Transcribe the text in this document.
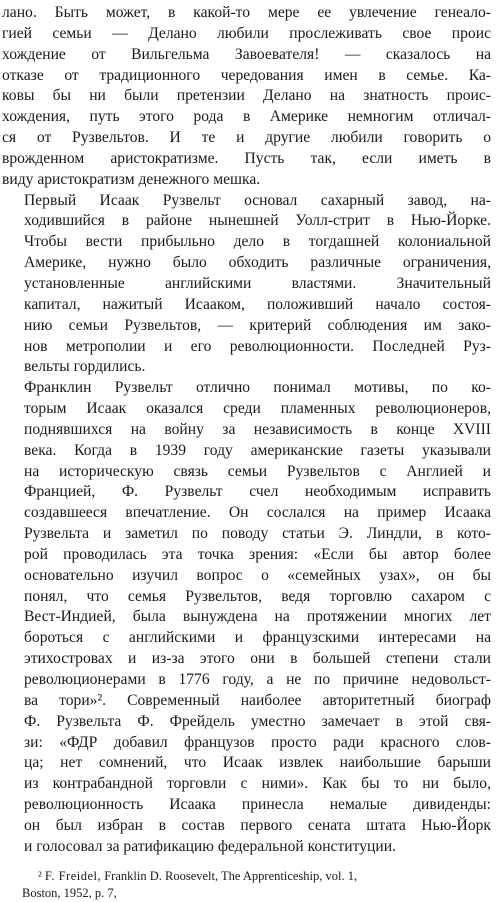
лано. Быть может, в какой-то мере ее увлечение генеало-
гией семьи — Делано любили прослеживать свое проис
хождение от Вильгельма Завоевателя! — сказалось на
отказе от традиционного чередования имен в семье. Ка-
ковы бы ни были претензии Делано на знатность проис-
хождения, путь этого рода в Америке немногим отличал-
ся от Рузвельтов. И те и другие любили говорить о
врожденном аристократизме. Пусть так, если иметь в
виду аристократизм денежного мешка.
Первый Исаак Рузвельт основал сахарный завод, на-
ходившийся в районе нынешней Уолл-стрит в Нью-Йорке.
Чтобы вести прибыльно дело в тогдашней колониальной
Америке, нужно было обходить различные ограничения,
установленные английскими властями. Значительный
капитал, нажитый Исааком, положивший начало состоя-
нию семьи Рузвельтов, — критерий соблюдения им зако-
нов метрополии и его революционности. Последней Руз-
вельты гордились.
Франклин Рузвельт отлично понимал мотивы, по ко-
торым Исаак оказался среди пламенных революционеров,
поднявшихся на войну за независимость в конце XVIII
века. Когда в 1939 году американские газеты указывали
на историческую связь семьи Рузвельтов с Англией и
Францией, Ф. Рузвельт счел необходимым исправить
создавшееся впечатление. Он сослался на пример Исаака
Рузвельта и заметил по поводу статьи Э. Линдли, в кото-
рой проводилась эта точка зрения: «Если бы автор более
основательно изучил вопрос о «семейных узах», он бы
понял, что семья Рузвельтов, ведя торговлю сахаром с
Вест-Индией, была вынуждена на протяжении многих лет
бороться с английскими и французскими интересами на
этихостровах и из-за этого они в большей степени стали
революционерами в 1776 году, а не по причине недовольст-
ва тори»². Современный наиболее авторитетный биограф
Ф. Рузвельта Ф. Фрейдель уместно замечает в этой свя-
зи: «ФДР добавил французов просто ради красного слов-
ца; нет сомнений, что Исаак извлек наибольшие барыши
из контрабандной торговли с ними». Как бы то ни было,
революционность Исаака принесла немалые дивиденды:
он был избран в состав первого сената штата Нью-Йорк
и голосовал за ратификацию федеральной конституции.
² F. Freidel, Franklin D. Roosevelt, The Apprenticeship, vol. 1,
Boston, 1952, p. 7,
